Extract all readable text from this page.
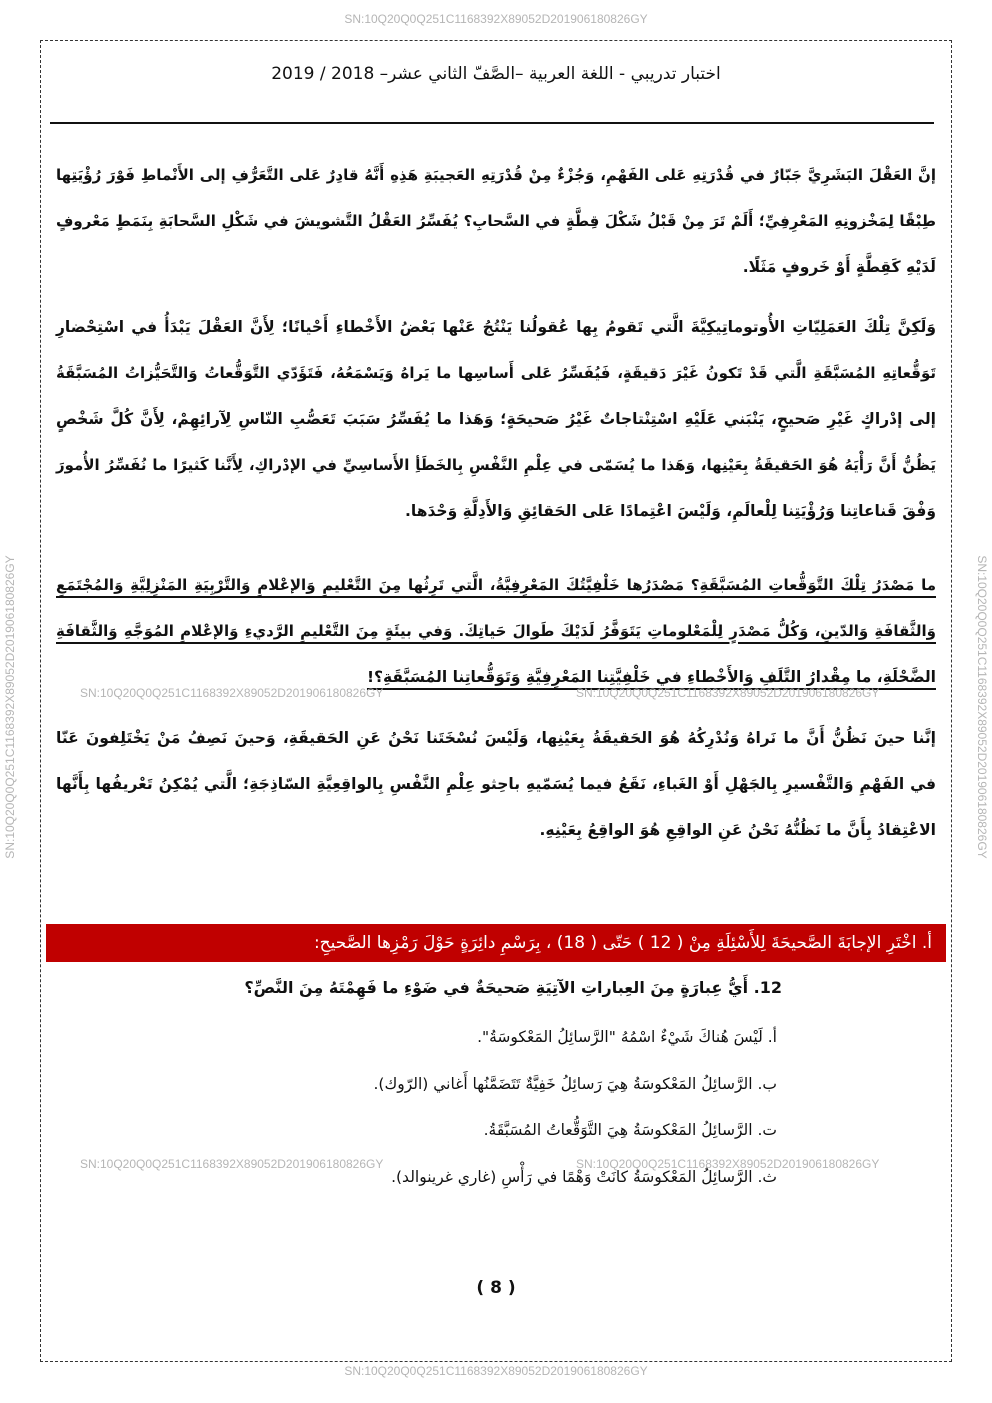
SN:10Q20Q0Q251C1168392X89052D201906180826GY
SN:10Q20Q0Q251C1168392X89052D201906180826GY
SN:10Q20Q0Q251C1168392X89052D201906180826GY	SN:10Q20Q0Q251C1168392X89052D201906180826GY
اختبار تدريبي - اللغة العربية –الصَّفّ الثاني عشر– 2018 / 2019
إنَّ العَقْلَ البَشَرِيَّ جَبّارٌ في قُدْرَتِهِ عَلى الفَهْمِ، وَجُزْءٌ مِنْ قُدْرَتِهِ العَجيبَةِ هَذِهِ أَنَّهُ قادِرٌ عَلى التَّعَرُّفِ إلى الأَنْماطِ فَوْرَ رُؤْيَتِها
طِبْقًا لِمَخْزونِهِ المَعْرِفِيِّ؛ أَلَمْ تَرَ مِنْ قَبْلُ شَكْلَ قِطَّةٍ في السَّحابِ؟ يُفَسِّرُ العَقْلُ التَّشويشَ في شَكْلِ السَّحابَةِ بِنَمَطٍ مَعْروفٍ
لَدَيْهِ كَقِطَّةٍ أَوْ خَروفٍ مَثَلًا.
وَلَكِنَّ تِلْكَ العَمَلِيّاتِ الأُوتوماتِيكِيَّةَ الَّتي تَقومُ بِها عُقولُنا يَنْتُجُ عَنْها بَعْضُ الأَخْطاءِ أَحْيانًا؛ لِأَنَّ العَقْلَ يَبْدَأُ في اسْتِحْضارِ
تَوَقُّعاتِهِ المُسَبَّقَةِ الَّتي قَدْ تَكونُ غَيْرَ دَقيقَةٍ، فَيُفَسِّرُ عَلى أَساسِها ما يَراهُ وَيَسْمَعُهُ، فَتَؤَدّي التَّوَقُّعاتُ وَالتَّحَيُّزاتُ المُسَبَّقَةُ
إلى إدْراكٍ غَيْرِ صَحيحٍ، يَنْبَني عَلَيْهِ اسْتِنْتاجاتٌ غَيْرُ صَحيحَةٍ؛ وَهَذا ما يُفَسِّرُ سَبَبَ تَعَصُّبِ النّاسِ لِآرائِهِمْ، لِأَنَّ كُلَّ شَخْصٍ
يَظُنُّ أَنَّ رَأْيَهُ هُوَ الحَقيقَةُ بِعَيْنِها، وَهَذا ما يُسَمّى في عِلْمِ النَّفْسِ بِالخَطَأِ الأَساسِيِّ في الإدْراكِ، لِأَنَّنا كَثيرًا ما نُفَسِّرُ الأُمورَ
وَفْقَ قَناعاتِنا وَرُؤْيَتِنا لِلْعالَمِ، وَلَيْسَ اعْتِمادًا عَلى الحَقائِقِ وَالأَدِلَّةِ وَحْدَها.
ما مَصْدَرُ تِلْكَ التَّوَقُّعاتِ المُسَبَّقَةِ؟ مَصْدَرُها خَلْفِيَّتُكَ المَعْرِفِيَّةُ، الَّتي تَرِثُها مِنَ التَّعْليمِ وَالإعْلامِ وَالتَّرْبِيَةِ المَنْزِلِيَّةِ وَالمُجْتَمَعِ
وَالثَّقافَةِ وَالدّينِ، وَكُلُّ مَصْدَرٍ لِلْمَعْلوماتِ يَتَوَفَّرُ لَدَيْكَ طَوالَ حَياتِكَ. وَفي بيئَةٍ مِنَ التَّعْليمِ الرَّديءِ وَالإعْلامِ المُوَجَّهِ وَالثَّقافَةِ
الضَّحْلَةِ، ما مِقْدارُ التَّلَفِ وَالأَخْطاءِ في خَلْفِيَّتِنا المَعْرِفِيَّةِ وَتَوَقُّعاتِنا المُسَبَّقَةِ؟!
SN:10Q20Q0Q251C1168392X89052D201906180826GY	SN:10Q20Q0Q251C1168392X89052D201906180826GY
إنَّنا حينَ نَظُنُّ أَنَّ ما نَراهُ وَنُدْرِكُهُ هُوَ الحَقيقَةُ بِعَيْنِها، وَلَيْسَ نُسْخَتَنا نَحْنُ عَنِ الحَقيقَةِ، وَحينَ نَصِفُ مَنْ يَخْتَلِفونَ عَنّا
في الفَهْمِ وَالتَّفْسيرِ بِالجَهْلِ أَوْ الغَباءِ، نَقَعُ فيما يُسَمّيهِ باحِثو عِلْمِ النَّفْسِ بِالواقِعِيَّةِ السّاذِجَةِ؛ الَّتي يُمْكِنُ تَعْريفُها بِأَنَّها
الاعْتِقادُ بِأَنَّ ما نَظُنُّهُ نَحْنُ عَنِ الواقِعِ هُوَ الواقِعُ بِعَيْنِهِ.
أ. اخْتَرِ الإجابَةَ الصَّحيحَةَ لِلأَسْئِلَةِ مِنْ ( 12 ) حَتّى ( 18) ، بِرَسْمِ دائِرَةٍ حَوْلَ رَمْزِها الصَّحيحِ:
12. أَيُّ عِبارَةٍ مِنَ العِباراتِ الآتِيَةِ صَحيحَةٌ في ضَوْءِ ما فَهِمْتَهُ مِنَ النَّصِّ؟
أ. لَيْسَ هُناكَ شَيْءٌ اسْمُهُ "الرَّسائِلُ المَعْكوسَةُ".
ب. الرَّسائِلُ المَعْكوسَةُ هِيَ رَسائِلُ خَفِيَّةٌ تَتَضَمَّنُها أَغاني (الرّوك).
ت. الرَّسائِلُ المَعْكوسَةُ هِيَ التَّوَقُّعاتُ المُسَبَّقَةُ.
SN:10Q20Q0Q251C1168392X89052D201906180826GY	SN:10Q20Q0Q251C1168392X89052D201906180826GY
ث. الرَّسائِلُ المَعْكوسَةُ كانَتْ وَهْمًا في رَأْسِ (غاري غرينوالد).
( 8 )
